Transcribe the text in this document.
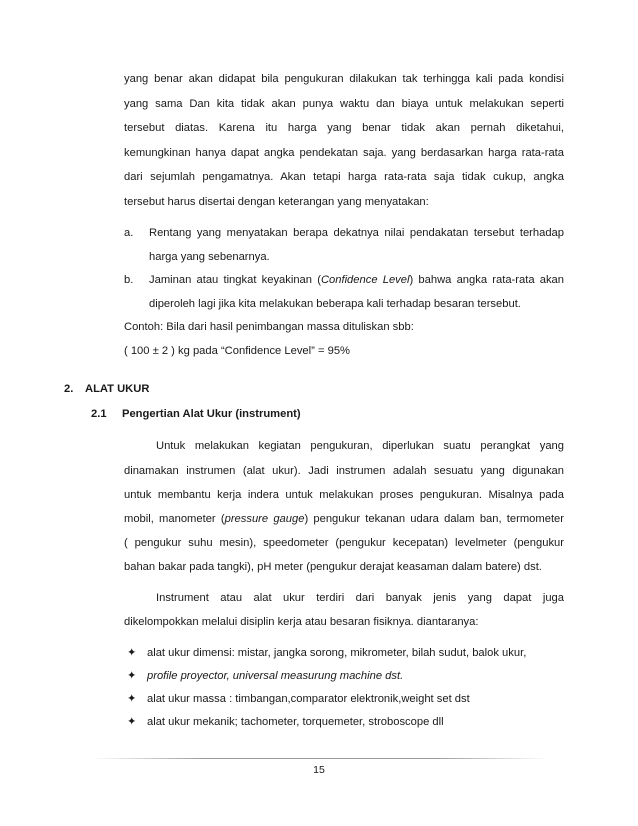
yang benar akan didapat bila pengukuran dilakukan tak terhingga kali pada kondisi
yang sama Dan kita tidak akan punya waktu dan biaya untuk melakukan seperti
tersebut diatas. Karena itu harga yang benar tidak akan pernah diketahui,
kemungkinan hanya dapat angka pendekatan saja. yang berdasarkan harga rata-rata
dari sejumlah pengamatnya. Akan tetapi harga rata-rata saja tidak cukup, angka
tersebut harus disertai dengan keterangan yang menyatakan:
a. Rentang yang menyatakan berapa dekatnya nilai pendakatan tersebut terhadap
harga yang sebenarnya.
b. Jaminan atau tingkat keyakinan (Confidence Level) bahwa angka rata-rata akan
diperoleh lagi jika kita melakukan beberapa kali terhadap besaran tersebut.
Contoh: Bila dari hasil penimbangan massa dituliskan sbb:
( 100 ± 2 ) kg pada “Confidence Level” = 95%
2. ALAT UKUR
2.1 Pengertian Alat Ukur (instrument)
Untuk melakukan kegiatan pengukuran, diperlukan suatu perangkat yang
dinamakan instrumen (alat ukur). Jadi instrumen adalah sesuatu yang digunakan
untuk membantu kerja indera untuk melakukan proses pengukuran. Misalnya pada
mobil, manometer (pressure gauge) pengukur tekanan udara dalam ban, termometer
( pengukur suhu mesin), speedometer (pengukur kecepatan) levelmeter (pengukur
bahan bakar pada tangki), pH meter (pengukur derajat keasaman dalam batere) dst.
Instrument atau alat ukur terdiri dari banyak jenis yang dapat juga
dikelompokkan melalui disiplin kerja atau besaran fisiknya. diantaranya:
✦ alat ukur dimensi: mistar, jangka sorong, mikrometer, bilah sudut, balok ukur,
✦ profile proyector, universal measurung machine dst.
✦ alat ukur massa : timbangan,comparator elektronik,weight set dst
✦ alat ukur mekanik; tachometer, torquemeter, stroboscope dll
15
